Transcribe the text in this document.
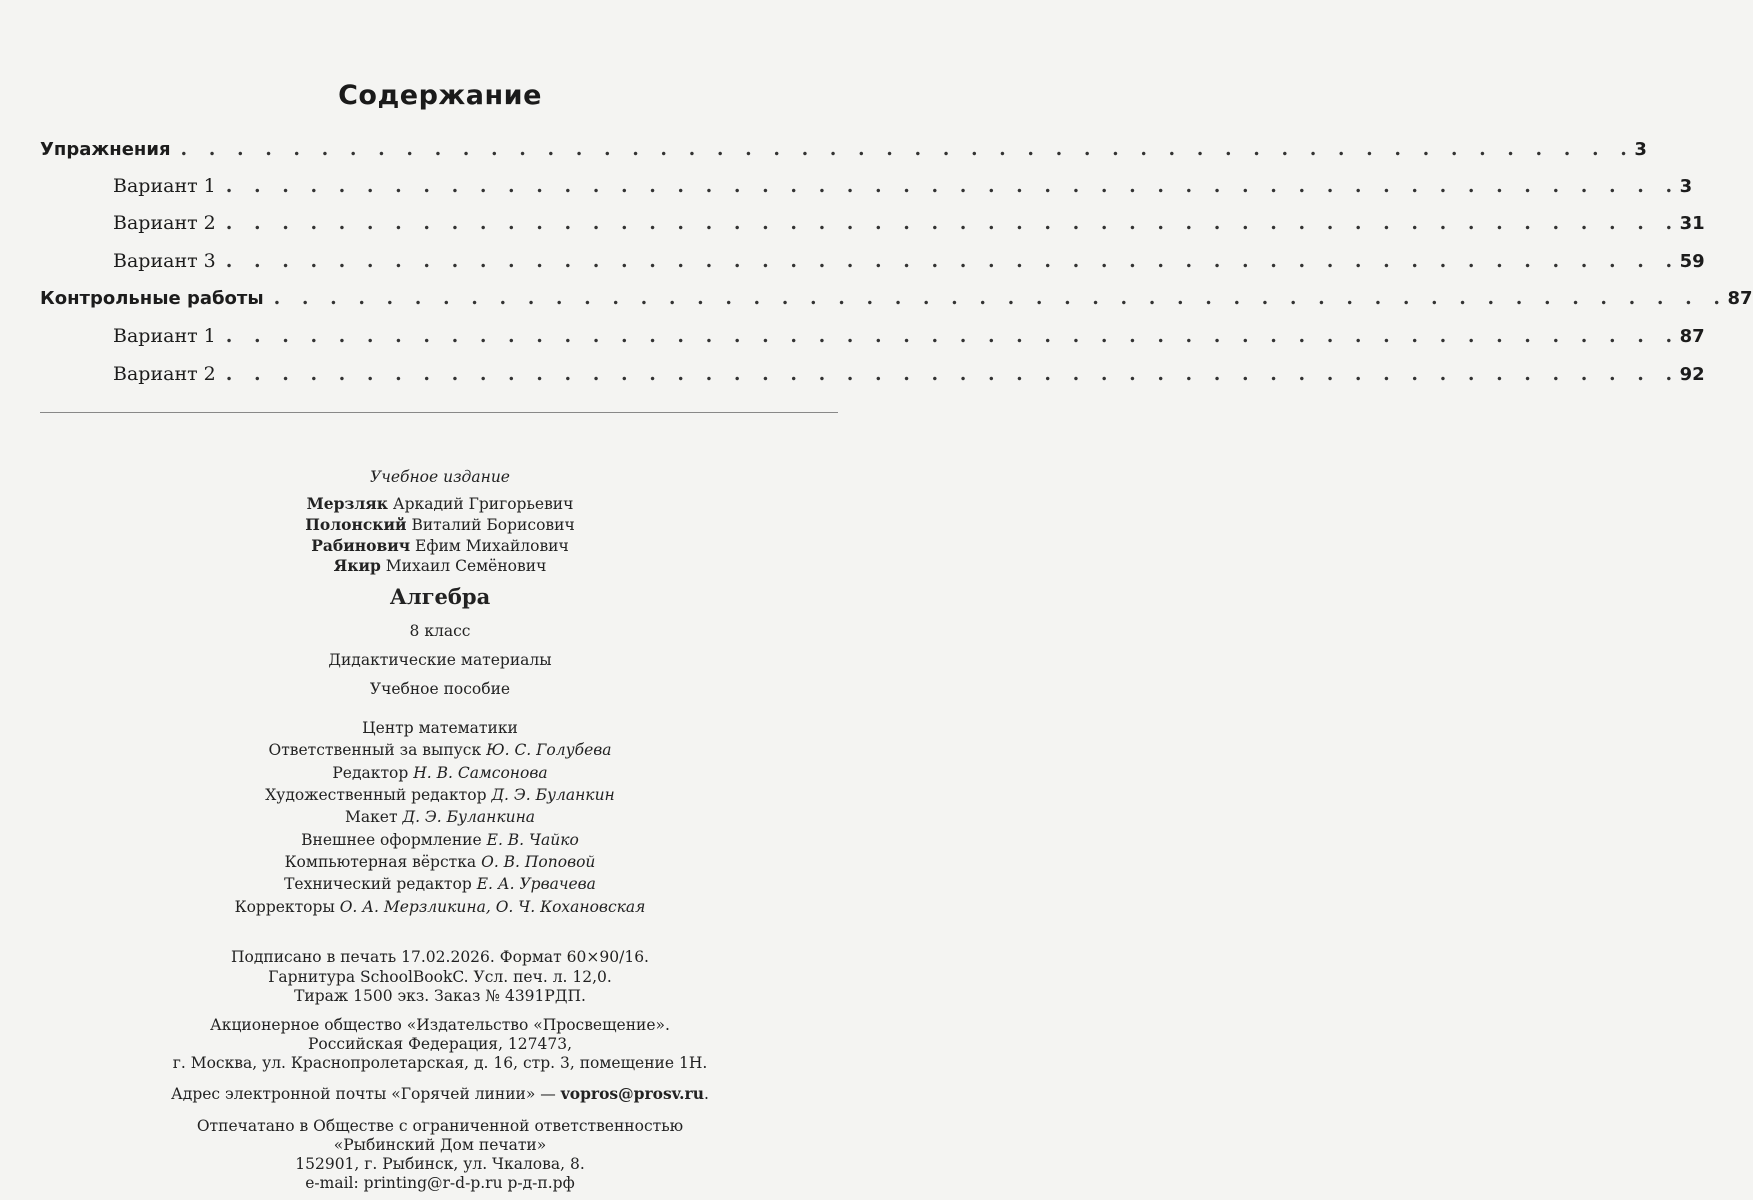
Содержание
Упражнения . . . . . . . . . . . . . . . . . . . . . . . . . . . . . . . . . . . . . . . . . . . . . . . . . . . . 3
Вариант 1 . . . . . . . . . . . . . . . . . . . . . . . . . . . . . . . . . . . . . . . . . . . . . . . . . . . . 3
Вариант 2 . . . . . . . . . . . . . . . . . . . . . . . . . . . . . . . . . . . . . . . . . . . . . . . . . . . . 31
Вариант 3 . . . . . . . . . . . . . . . . . . . . . . . . . . . . . . . . . . . . . . . . . . . . . . . . . . . . 59
Контрольные работы . . . . . . . . . . . . . . . . . . . . . . . . . . . . . . . . . . . . . . . . . . . . . . . . . . . . 87
Вариант 1 . . . . . . . . . . . . . . . . . . . . . . . . . . . . . . . . . . . . . . . . . . . . . . . . . . . . 87
Вариант 2 . . . . . . . . . . . . . . . . . . . . . . . . . . . . . . . . . . . . . . . . . . . . . . . . . . . . 92
Учебное издание
Мерзляк Аркадий Григорьевич
Полонский Виталий Борисович
Рабинович Ефим Михайлович
Якир Михаил Семёнович
Алгебра
8 класс
Дидактические материалы
Учебное пособие
Центр математики
Ответственный за выпуск Ю. С. Голубева
Редактор Н. В. Самсонова
Художественный редактор Д. Э. Буланкин
Макет Д. Э. Буланкина
Внешнее оформление Е. В. Чайко
Компьютерная вёрстка О. В. Поповой
Технический редактор Е. А. Урвачева
Корректоры О. А. Мерзликина, О. Ч. Кохановская
Подписано в печать 17.02.2026. Формат 60×90/16.
Гарнитура SchoolBookC. Усл. печ. л. 12,0.
Тираж 1500 экз. Заказ № 4391РДП.
Акционерное общество «Издательство «Просвещение».
Российская Федерация, 127473,
г. Москва, ул. Краснопролетарская, д. 16, стр. 3, помещение 1Н.
Адрес электронной почты «Горячей линии» — vopros@prosv.ru.
Отпечатано в Обществе с ограниченной ответственностью
«Рыбинский Дом печати»
152901, г. Рыбинск, ул. Чкалова, 8.
e-mail: printing@r-d-p.ru р-д-п.рф
